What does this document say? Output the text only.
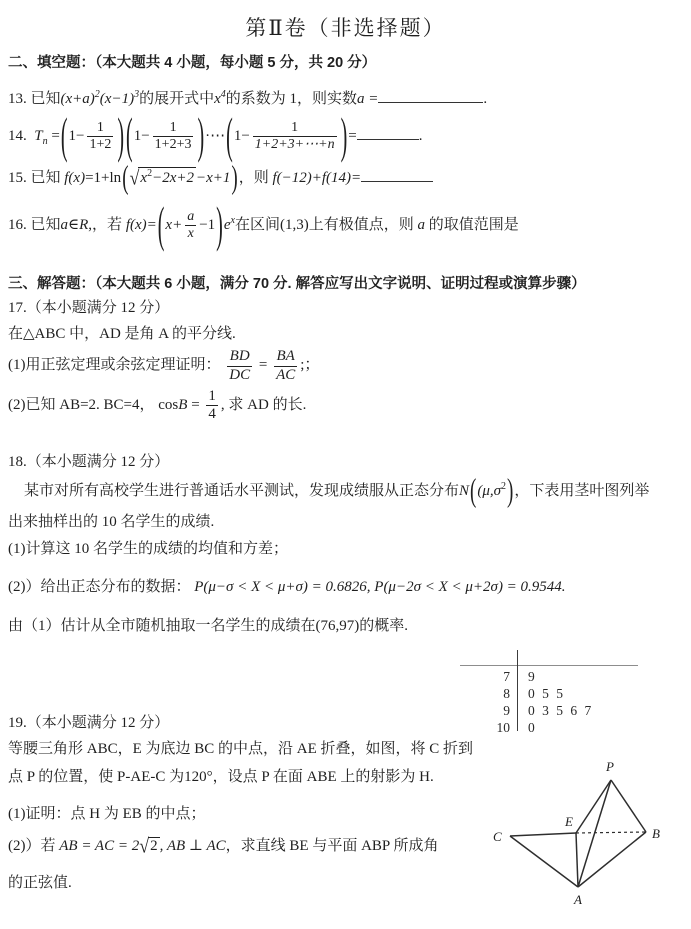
第Ⅱ卷（非选择题）
二、填空题：（本大题共 4 小题，每小题 5 分，共 20 分）
13. 已知$(x+a)^2(x-1)^3$的展开式中$x^4$的系数为 1，则实数a =	.
14. $T_n =(1- \frac{1}{1+2}$ ) ($1- \frac{1}{1+2+3}$ )·⋯(1− $\frac{1}{1+2+3+\cdots+n}$ )=	.
15. 已知 $f(x)=1+\ln(√x^2-2x+2 -x+1)$，则 f(−12)+f(14)=
16. 已知a∈R,，若 $f(x)=(x+ \frac{a}{x} -1)e^x$在区间(1,3)上有极值点，则 a 的取值范围是
三、解答题：（本大题共 6 小题，满分 70 分. 解答应写出文字说明、证明过程或演算步骤）
17.（本小题满分 12 分）
在△ABC 中，AD 是角 A 的平分线.
(1)用正弦定理或余弦定理证明： $\frac{BD}{DC} = \frac{BA}{AC}$ ;；
(2)已知 AB=2. BC=4， $\cos B = \frac{1}{4}$ , 求 AD 的长.
18.（本小题满分 12 分）
某市对所有高校学生进行普通话水平测试，发现成绩服从正态分布$N((\mu,\sigma^2)$，下表用茎叶图列举
出来抽样出的 10 名学生的成绩.
(1)计算这 10 名学生的成绩的均值和方差；
(2)）给出正态分布的数据： P(μ−σ < X < μ+σ) = 0.6826, P(μ−2σ < X < μ+2σ) = 0.9544.
由（1）估计从全市随机抽取一名学生的成绩在(76,97)的概率.
7	9
8	0 5 5
9	0 3 5 6 7
10	0
19.（本小题满分 12 分）
等腰三角形 ABC，E 为底边 BC 的中点，沿 AE 折叠，如图，将 C 折到
点 P 的位置，使 P-AE-C 为120°，设点 P 在面 ABE 上的射影为 H.
(1)证明：点 H 为 EB 的中点；
(2)）若 AB = AC = 2√2 , AB ⊥ AC，求直线 BE 与平面 ABP 所成角
的正弦值.
P
E
B
C
A
